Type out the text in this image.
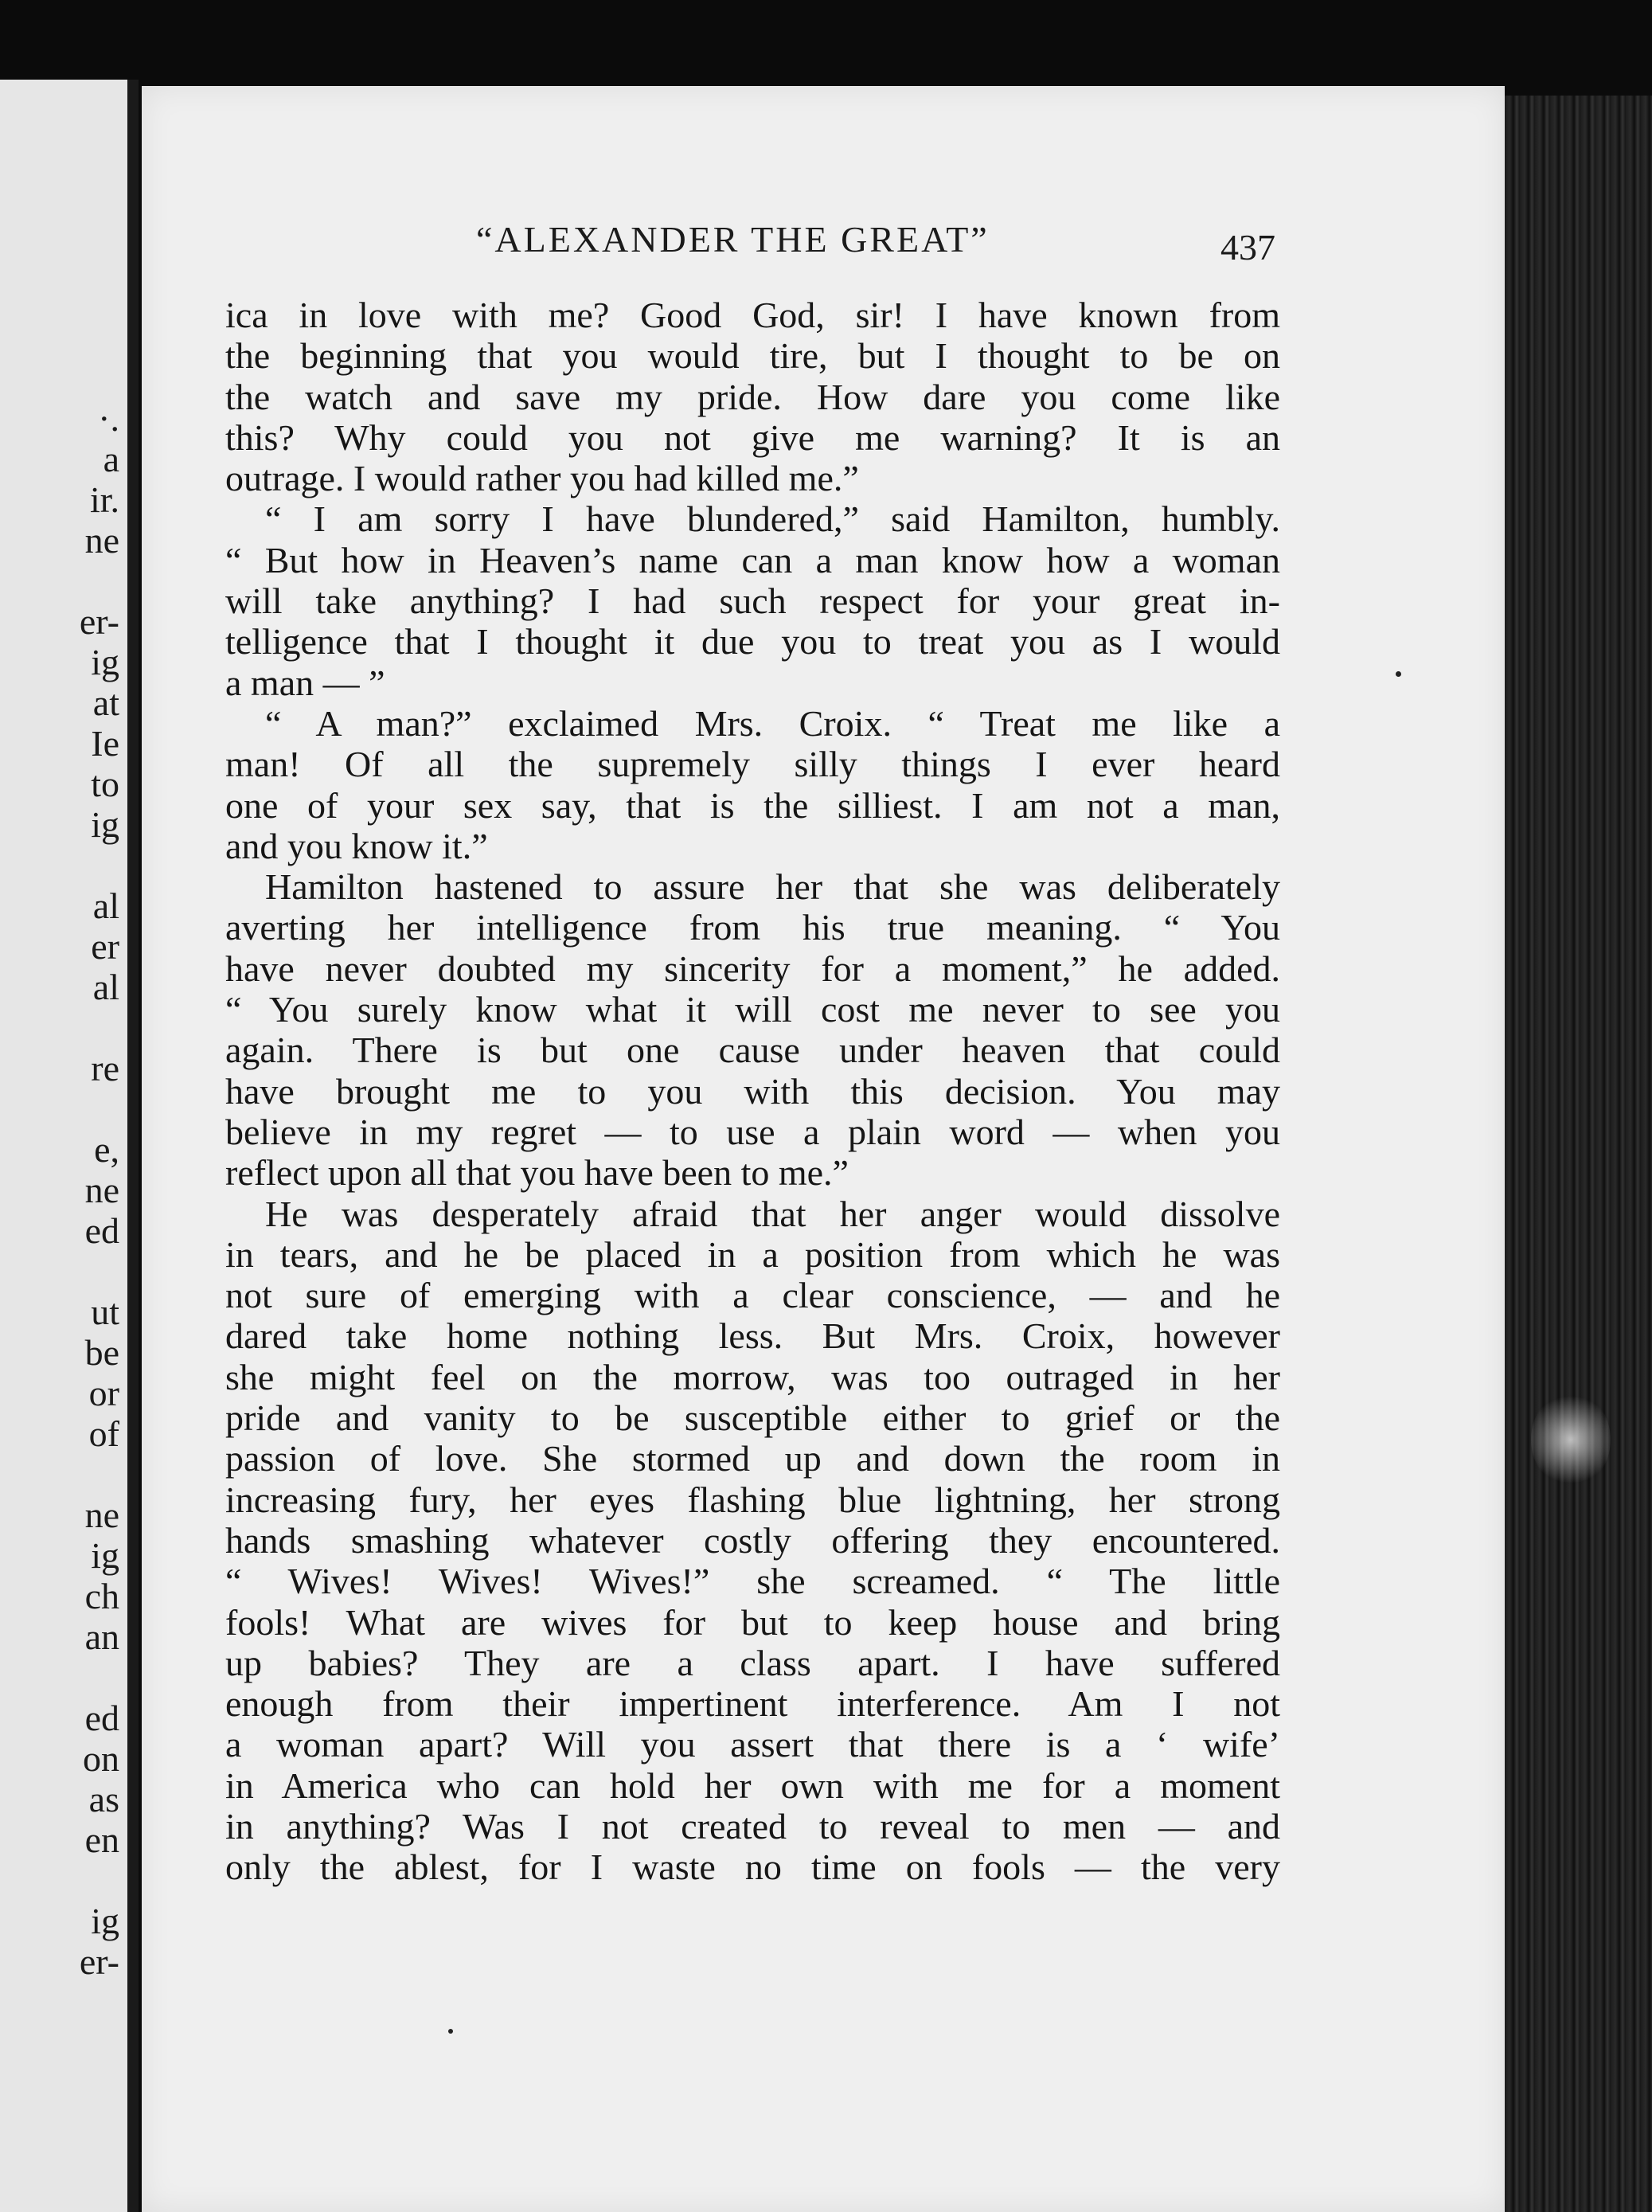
·.
a
ir.
ne
er-
ig
at
Ie
to
ig
al
er
al
re
e,
ne
ed
ut
be
or
of
ne
ig
ch
an
ed
on
as
en
ig
er-
“ALEXANDER THE GREAT”	437
ica in love with me? Good God, sir! I have known from
the beginning that you would tire, but I thought to be on
the watch and save my pride. How dare you come like
this? Why could you not give me warning? It is an
outrage. I would rather you had killed me.”
“ I am sorry I have blundered,” said Hamilton, humbly.
“ But how in Heaven’s name can a man know how a woman
will take anything? I had such respect for your great in-
telligence that I thought it due you to treat you as I would
a man — ”
“ A man?” exclaimed Mrs. Croix. “ Treat me like a
man! Of all the supremely silly things I ever heard
one of your sex say, that is the silliest. I am not a man,
and you know it.”
Hamilton hastened to assure her that she was deliberately
averting her intelligence from his true meaning. “ You
have never doubted my sincerity for a moment,” he added.
“ You surely know what it will cost me never to see you
again. There is but one cause under heaven that could
have brought me to you with this decision. You may
believe in my regret — to use a plain word — when you
reflect upon all that you have been to me.”
He was desperately afraid that her anger would dissolve
in tears, and he be placed in a position from which he was
not sure of emerging with a clear conscience, — and he
dared take home nothing less. But Mrs. Croix, however
she might feel on the morrow, was too outraged in her
pride and vanity to be susceptible either to grief or the
passion of love. She stormed up and down the room in
increasing fury, her eyes flashing blue lightning, her strong
hands smashing whatever costly offering they encountered.
“ Wives! Wives! Wives!” she screamed. “ The little
fools! What are wives for but to keep house and bring
up babies? They are a class apart. I have suffered
enough from their impertinent interference. Am I not
a woman apart? Will you assert that there is a ‘ wife’
in America who can hold her own with me for a moment
in anything? Was I not created to reveal to men — and
only the ablest, for I waste no time on fools — the very
